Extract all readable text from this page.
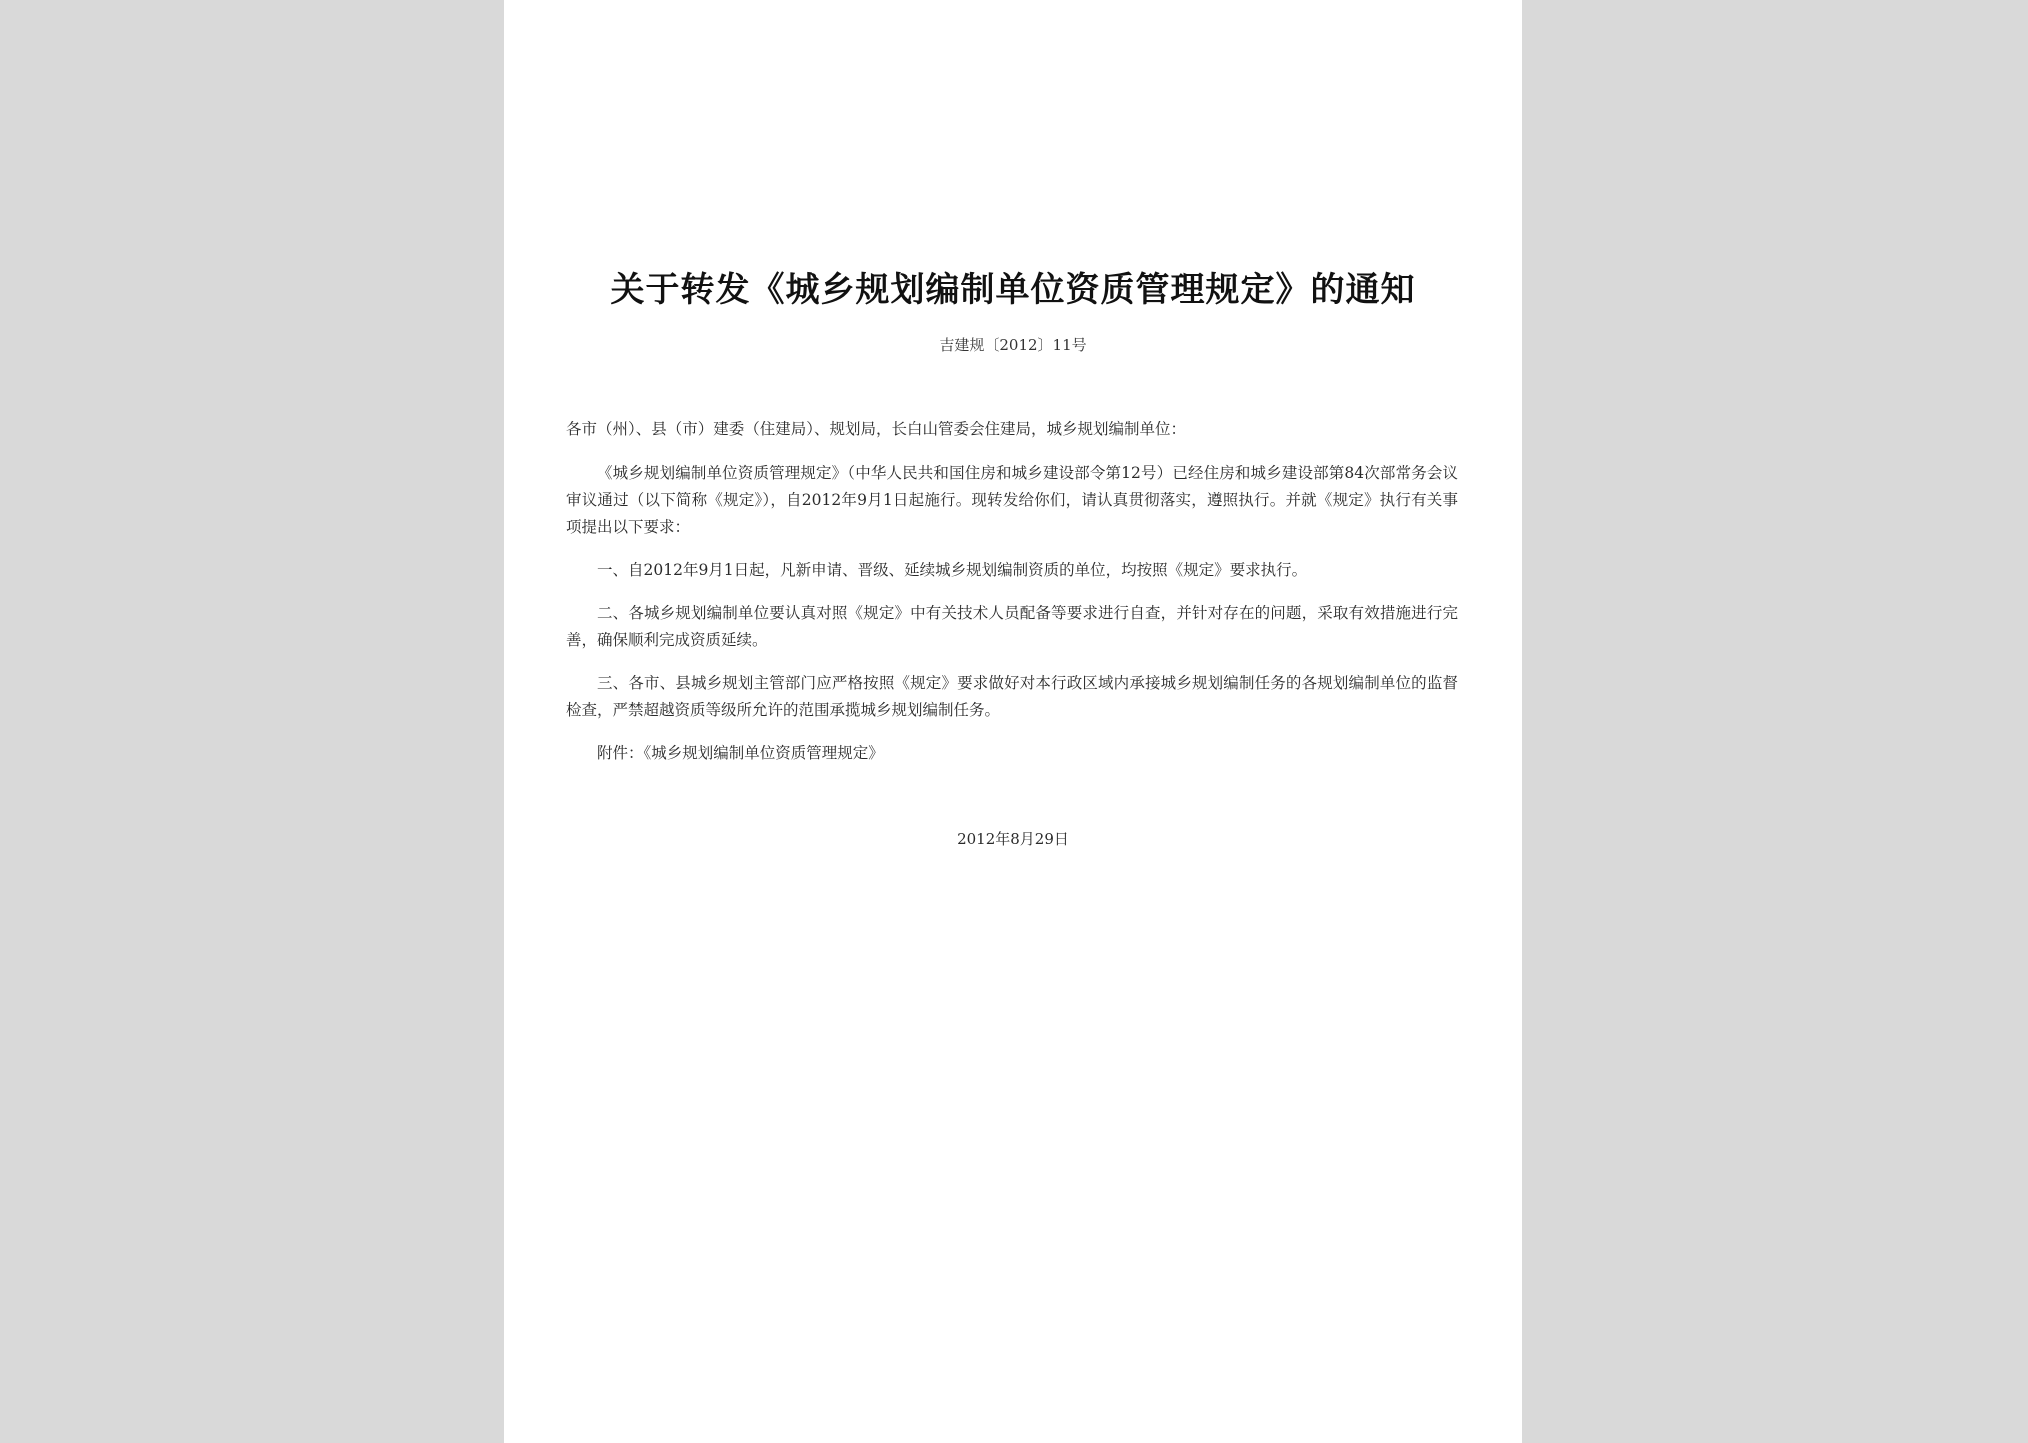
关于转发《城乡规划编制单位资质管理规定》的通知
吉建规〔2012〕11号
各市（州）、县（市）建委（住建局）、规划局，长白山管委会住建局，城乡规划编制单位：
《城乡规划编制单位资质管理规定》（中华人民共和国住房和城乡建设部令第12号）已经住房和城乡建设部第84次部常务会议审议通过（以下简称《规定》），自2012年9月1日起施行。现转发给你们，请认真贯彻落实，遵照执行。并就《规定》执行有关事项提出以下要求：
一、自2012年9月1日起，凡新申请、晋级、延续城乡规划编制资质的单位，均按照《规定》要求执行。
二、各城乡规划编制单位要认真对照《规定》中有关技术人员配备等要求进行自查，并针对存在的问题，采取有效措施进行完善，确保顺利完成资质延续。
三、各市、县城乡规划主管部门应严格按照《规定》要求做好对本行政区域内承接城乡规划编制任务的各规划编制单位的监督检查，严禁超越资质等级所允许的范围承揽城乡规划编制任务。
附件：《城乡规划编制单位资质管理规定》
2012年8月29日
